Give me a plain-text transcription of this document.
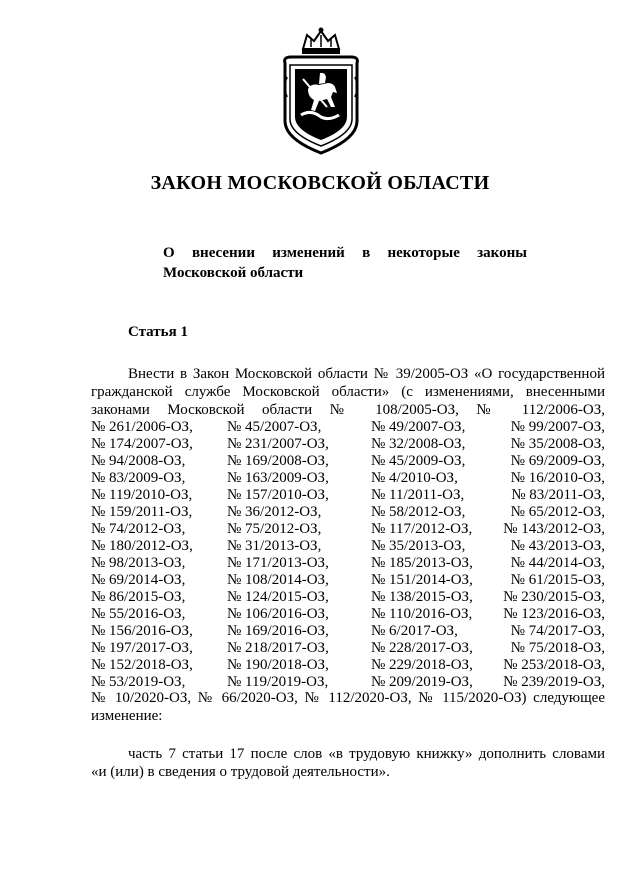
ЗАКОН МОСКОВСКОЙ ОБЛАСТИ
О внесении изменений в некоторые законы
Московской области
Статья 1
Внести в Закон Московской области № 39/2005-ОЗ «О государственной
гражданской службе Московской области» (с изменениями, внесенными
законами Московской области № 108/2005-ОЗ, № 112/2006-ОЗ,
№ 261/2006-ОЗ, № 45/2007-ОЗ,	№ 49/2007-ОЗ,	№ 99/2007-ОЗ,
№ 174/2007-ОЗ, № 231/2007-ОЗ,	№ 32/2008-ОЗ,	№ 35/2008-ОЗ,
№ 94/2008-ОЗ,	№ 169/2008-ОЗ,	№ 45/2009-ОЗ,	№ 69/2009-ОЗ,
№ 83/2009-ОЗ,	№ 163/2009-ОЗ,	№ 4/2010-ОЗ,	№ 16/2010-ОЗ,
№ 119/2010-ОЗ, № 157/2010-ОЗ,	№ 11/2011-ОЗ,	№ 83/2011-ОЗ,
№ 159/2011-ОЗ, № 36/2012-ОЗ,	№ 58/2012-ОЗ,	№ 65/2012-ОЗ,
№ 74/2012-ОЗ,	№ 75/2012-ОЗ,	№ 117/2012-ОЗ, № 143/2012-ОЗ,
№ 180/2012-ОЗ, № 31/2013-ОЗ,	№ 35/2013-ОЗ,	№ 43/2013-ОЗ,
№ 98/2013-ОЗ,	№ 171/2013-ОЗ,	№ 185/2013-ОЗ,	№ 44/2014-ОЗ,
№ 69/2014-ОЗ,	№ 108/2014-ОЗ,	№ 151/2014-ОЗ,	№ 61/2015-ОЗ,
№ 86/2015-ОЗ,	№ 124/2015-ОЗ,	№ 138/2015-ОЗ, № 230/2015-ОЗ,
№ 55/2016-ОЗ,	№ 106/2016-ОЗ,	№ 110/2016-ОЗ, № 123/2016-ОЗ,
№ 156/2016-ОЗ, № 169/2016-ОЗ,	№ 6/2017-ОЗ,	№ 74/2017-ОЗ,
№ 197/2017-ОЗ, № 218/2017-ОЗ,	№ 228/2017-ОЗ,	№ 75/2018-ОЗ,
№ 152/2018-ОЗ, № 190/2018-ОЗ,	№ 229/2018-ОЗ, № 253/2018-ОЗ,
№ 53/2019-ОЗ,	№ 119/2019-ОЗ,	№ 209/2019-ОЗ, № 239/2019-ОЗ,
№ 10/2020-ОЗ, № 66/2020-ОЗ, № 112/2020-ОЗ, № 115/2020-ОЗ) следующее
изменение:
часть 7 статьи 17 после слов «в трудовую книжку» дополнить словами
«и (или) в сведения о трудовой деятельности».
